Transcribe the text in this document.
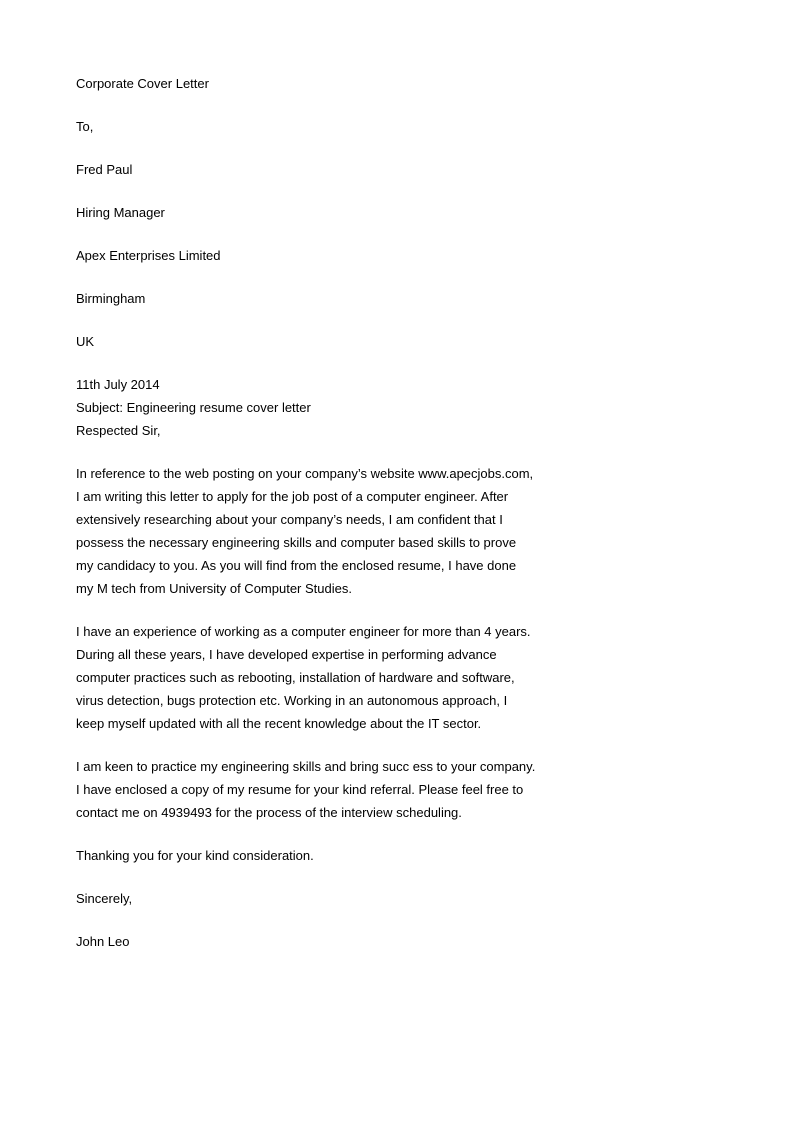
Corporate Cover Letter
To,
Fred Paul
Hiring Manager
Apex Enterprises Limited
Birmingham
UK
11th July 2014
Subject: Engineering resume cover letter
Respected Sir,
In reference to the web posting on your company’s website www.apecjobs.com,
I am writing this letter to apply for the job post of a computer engineer. After
extensively researching about your company’s needs, I am confident that I
possess the necessary engineering skills and computer based skills to prove
my candidacy to you. As you will find from the enclosed resume, I have done
my M tech from University of Computer Studies.
I have an experience of working as a computer engineer for more than 4 years.
During all these years, I have developed expertise in performing advance
computer practices such as rebooting, installation of hardware and software,
virus detection, bugs protection etc. Working in an autonomous approach, I
keep myself updated with all the recent knowledge about the IT sector.
I am keen to practice my engineering skills and bring succ ess to your company.
I have enclosed a copy of my resume for your kind referral. Please feel free to
contact me on 4939493 for the process of the interview scheduling.
Thanking you for your kind consideration.
Sincerely,
John Leo
